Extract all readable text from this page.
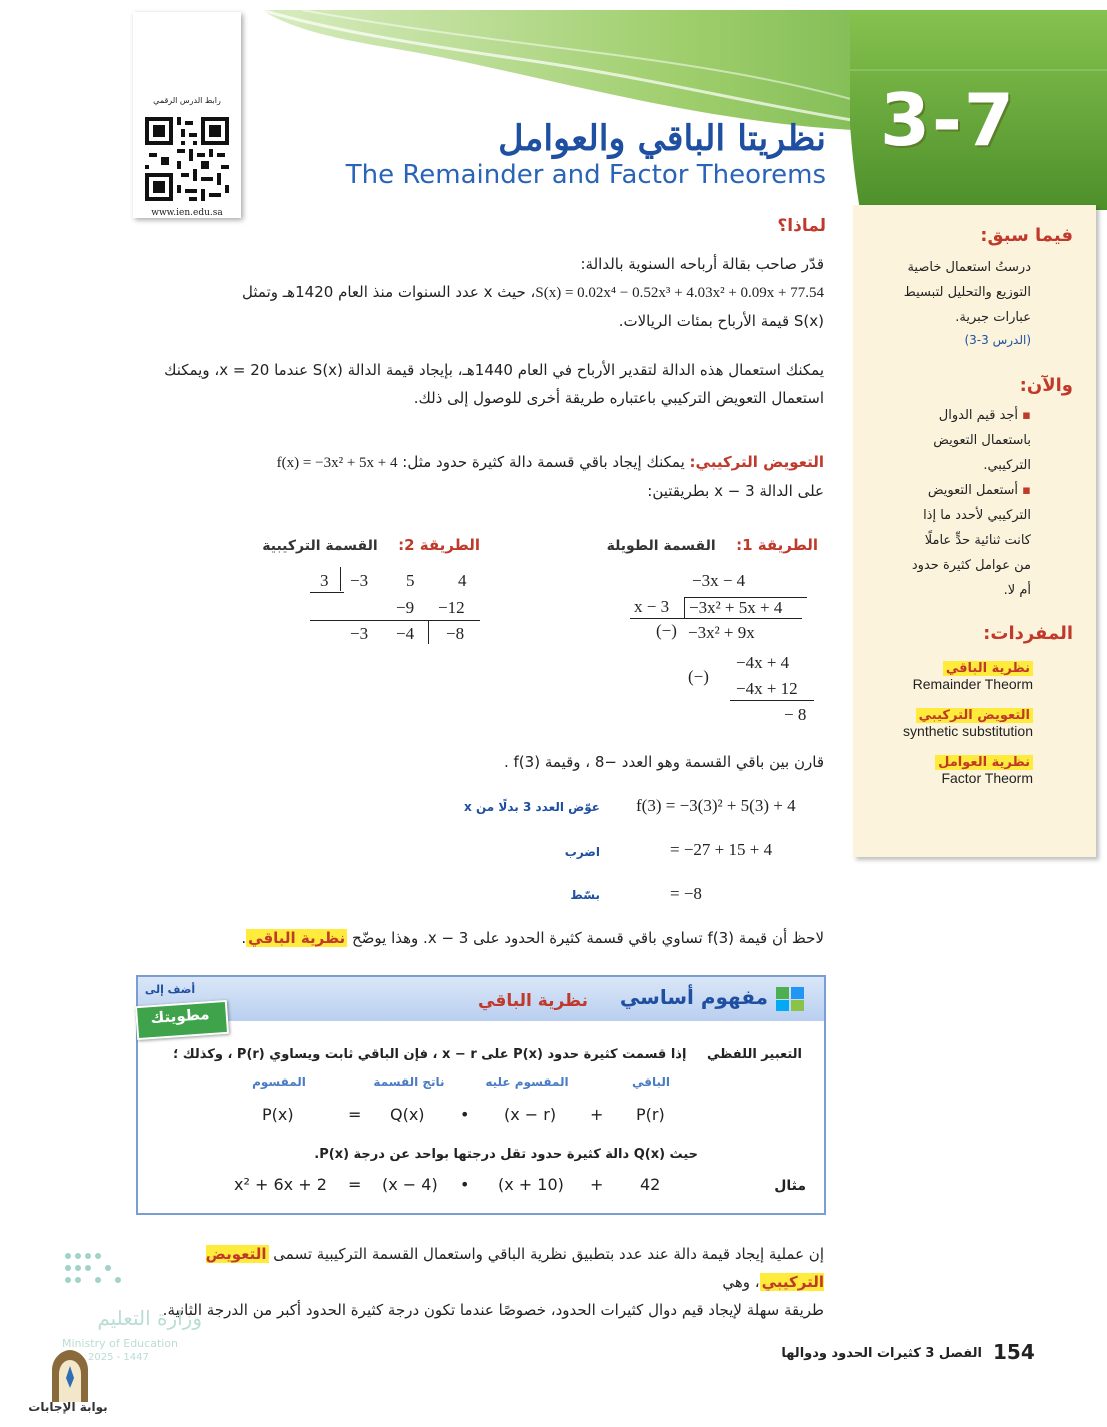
3-7
نظريتا الباقي والعوامل
The Remainder and Factor Theorems
رابط الدرس الرقمي
www.ien.edu.sa
فيما سبق:
درستُ استعمال خاصية
التوزيع والتحليل لتبسيط
عبارات جبرية.
(الدرس 3-3)
والآن:
▪ أجد قيم الدوال
باستعمال التعويض
التركيبي.
▪ أستعمل التعويض
التركيبي لأحدد ما إذا
كانت ثنائية حدٍّ عاملًا
من عوامل كثيرة حدود
أم لا.
المفردات:
نظرية الباقي
Remainder Theorm
التعويض التركيبي
synthetic substitution
نظرية العوامل
Factor Theorm
لماذا؟
قدّر صاحب بقالة أرباحه السنوية بالدالة:
S(x) = 0.02x⁴ − 0.52x³ + 4.03x² + 0.09x + 77.54، حيث x عدد السنوات منذ العام 1420هـ وتمثل
S(x) قيمة الأرباح بمئات الريالات.
يمكنك استعمال هذه الدالة لتقدير الأرباح في العام 1440هـ، بإيجاد قيمة الدالة S(x) عندما x = 20، ويمكنك
استعمال التعويض التركيبي باعتباره طريقة أخرى للوصول إلى ذلك.
التعويض التركيبي: يمكنك إيجاد باقي قسمة دالة كثيرة حدود مثل: f(x) = −3x² + 5x + 4
على الدالة x − 3 بطريقتين:
الطريقة 1: القسمة الطويلة
الطريقة 2: القسمة التركيبية
−3x − 4
x − 3 −3x² + 5x + 4
(−) −3x² + 9x
−4x + 4
(−)
−4x + 12
− 8
3 −3 5	4
−9 −12
−3 −4 −8
قارن بين باقي القسمة وهو العدد −8 ، وقيمة f(3) .
f(3) = −3(3)² + 5(3) + 4
عوّض العدد 3 بدلًا من x
= −27 + 15 + 4
اضرب
= −8
بسّط
لاحظ أن قيمة f(3) تساوي باقي قسمة كثيرة الحدود على x − 3. وهذا يوضّح نظرية الباقي.
مفهوم أساسي
نظرية الباقي
أضف إلى
مطويتك
التعبير اللفظي إذا قسمت كثيرة حدود P(x) على x − r ، فإن الباقي ثابت ويساوي P(r) ، وكذلك ؛
الباقي
المقسوم عليه
ناتج القسمة
المقسوم
P(x)	= Q(x) • (x − r) + P(r)
حيث Q(x) دالة كثيرة حدود تقل درجتها بواحد عن درجة P(x).
مثال
x² + 6x + 2 = (x − 4) • (x + 10) + 42
إن عملية إيجاد قيمة دالة عند عدد بتطبيق نظرية الباقي واستعمال القسمة التركيبية تسمى التعويض التركيبي، وهي
طريقة سهلة لإيجاد قيم دوال كثيرات الحدود، خصوصًا عندما تكون درجة كثيرة الحدود أكبر من الدرجة الثانية.
وزارة التعليم
Ministry of Education
2025 - 1447
بوابة الإجابات
154
الفصل 3 كثيرات الحدود ودوالها
